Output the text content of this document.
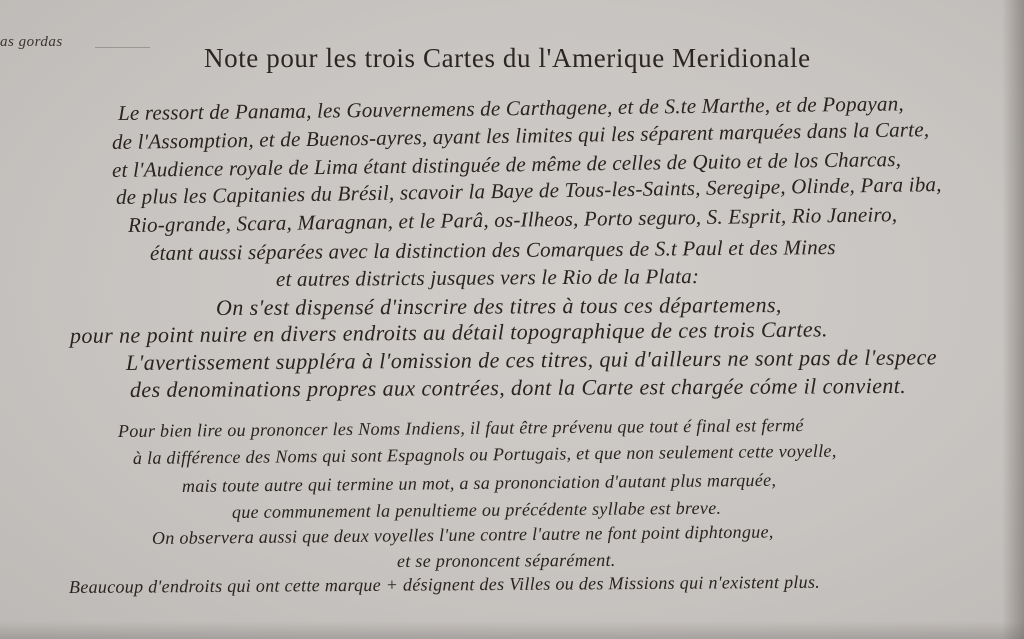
as gordas
Note pour les trois Cartes du l'Amerique Meridionale
Le ressort de Panama, les Gouvernemens de Carthagene, et de S.te Marthe, et de Popayan,
de l'Assomption, et de Buenos-ayres, ayant les limites qui les séparent marquées dans la Carte,
et l'Audience royale de Lima étant distinguée de même de celles de Quito et de los Charcas,
de plus les Capitanies du Brésil, scavoir la Baye de Tous-les-Saints, Seregipe, Olinde, Para iba,
Rio-grande, Scara, Maragnan, et le Parâ, os-Ilheos, Porto seguro, S. Esprit, Rio Janeiro,
étant aussi séparées avec la distinction des Comarques de S.t Paul et des Mines
et autres districts jusques vers le Rio de la Plata:
On s'est dispensé d'inscrire des titres à tous ces départemens,
pour ne point nuire en divers endroits au détail topographique de ces trois Cartes.
L'avertissement suppléra à l'omission de ces titres, qui d'ailleurs ne sont pas de l'espece
des denominations propres aux contrées, dont la Carte est chargée cóme il convient.
Pour bien lire ou prononcer les Noms Indiens, il faut être prévenu que tout é final est fermé
à la différence des Noms qui sont Espagnols ou Portugais, et que non seulement cette voyelle,
mais toute autre qui termine un mot, a sa prononciation d'autant plus marquée,
que communement la penultieme ou précédente syllabe est breve.
On observera aussi que deux voyelles l'une contre l'autre ne font point diphtongue,
et se prononcent séparément.
Beaucoup d'endroits qui ont cette marque + désignent des Villes ou des Missions qui n'existent plus.
